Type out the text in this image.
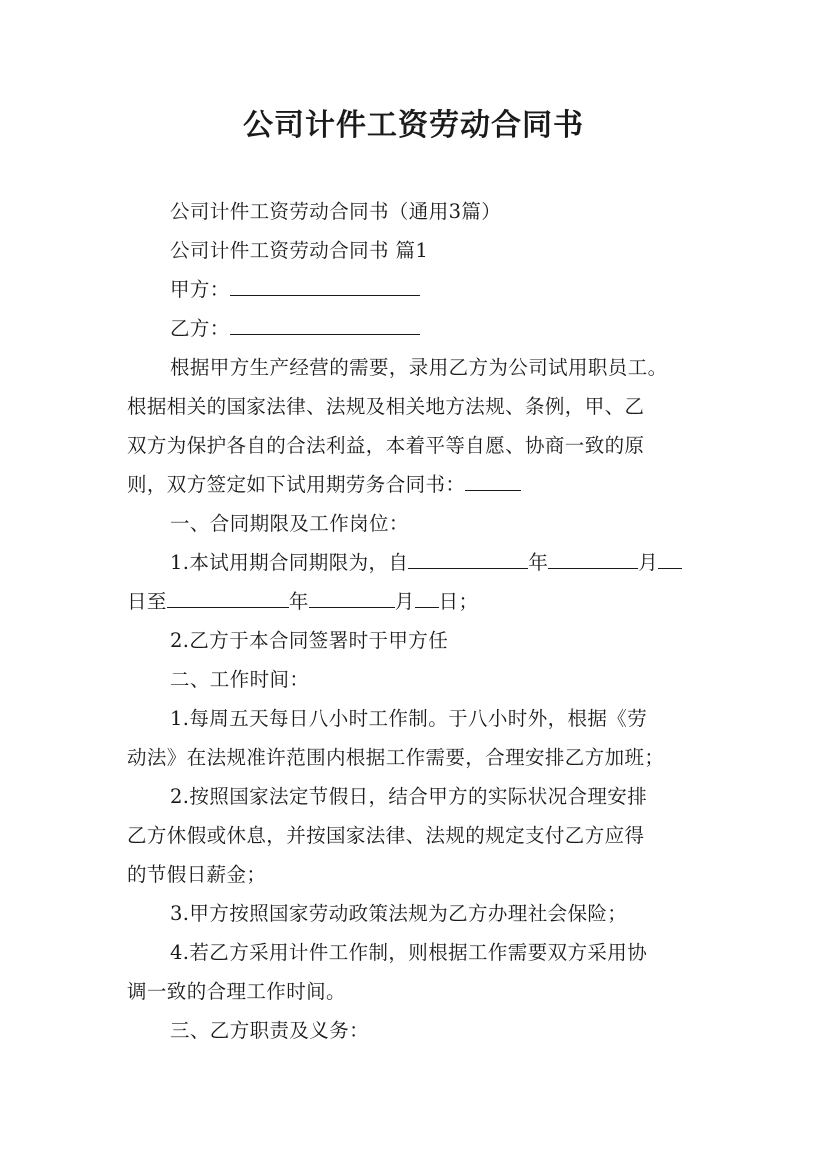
公司计件工资劳动合同书
公司计件工资劳动合同书（通用3篇）
公司计件工资劳动合同书 篇1
甲方：
乙方：
根据甲方生产经营的需要，录用乙方为公司试用职员工。
根据相关的国家法律、法规及相关地方法规、条例，甲、乙
双方为保护各自的合法利益，本着平等自愿、协商一致的原
则，双方签定如下试用期劳务合同书：
一、合同期限及工作岗位：
1.本试用期合同期限为，自	年	月
日至	年	月 日；
2.乙方于本合同签署时于甲方任
二、工作时间：
1.每周五天每日八小时工作制。于八小时外，根据《劳
动法》在法规准许范围内根据工作需要，合理安排乙方加班；
2.按照国家法定节假日，结合甲方的实际状况合理安排
乙方休假或休息，并按国家法律、法规的规定支付乙方应得
的节假日薪金；
3.甲方按照国家劳动政策法规为乙方办理社会保险；
4.若乙方采用计件工作制，则根据工作需要双方采用协
调一致的合理工作时间。
三、乙方职责及义务：
